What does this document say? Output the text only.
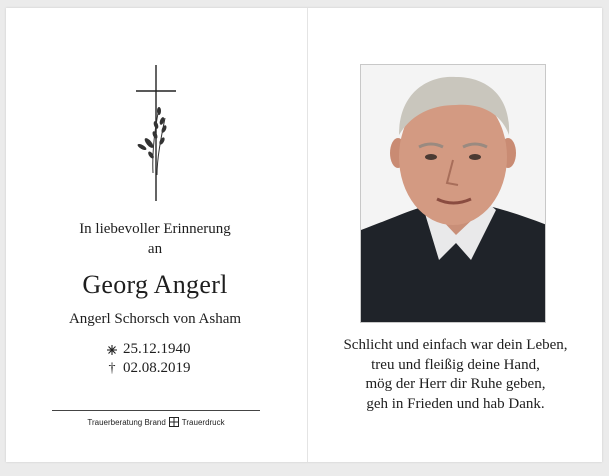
In liebevoller Erinnerung
an
Georg Angerl
Angerl Schorsch von Asham
25.12.1940
† 02.08.2019
Trauerberatung Brand Trauerdruck
Schlicht und einfach war dein Leben,
treu und fleißig deine Hand,
mög der Herr dir Ruhe geben,
geh in Frieden und hab Dank.
